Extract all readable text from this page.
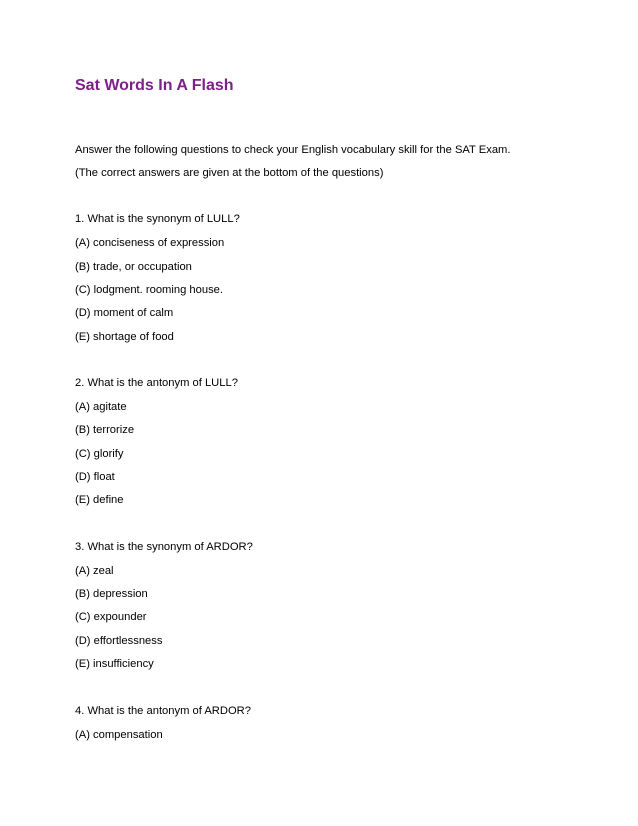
Sat Words In A Flash

Answer the following questions to check your English vocabulary skill for the SAT Exam.

(The correct answers are given at the bottom of the questions)

1. What is the synonym of LULL?

(A) conciseness of expression

(B) trade, or occupation

(C) lodgment. rooming house.

(D) moment of calm

(E) shortage of food

2. What is the antonym of LULL?

(A) agitate

(B) terrorize

(C) glorify

(D) float

(E) define

3. What is the synonym of ARDOR?

(A) zeal

(B) depression

(C) expounder

(D) effortlessness

(E) insufficiency

4. What is the antonym of ARDOR?

(A) compensation
